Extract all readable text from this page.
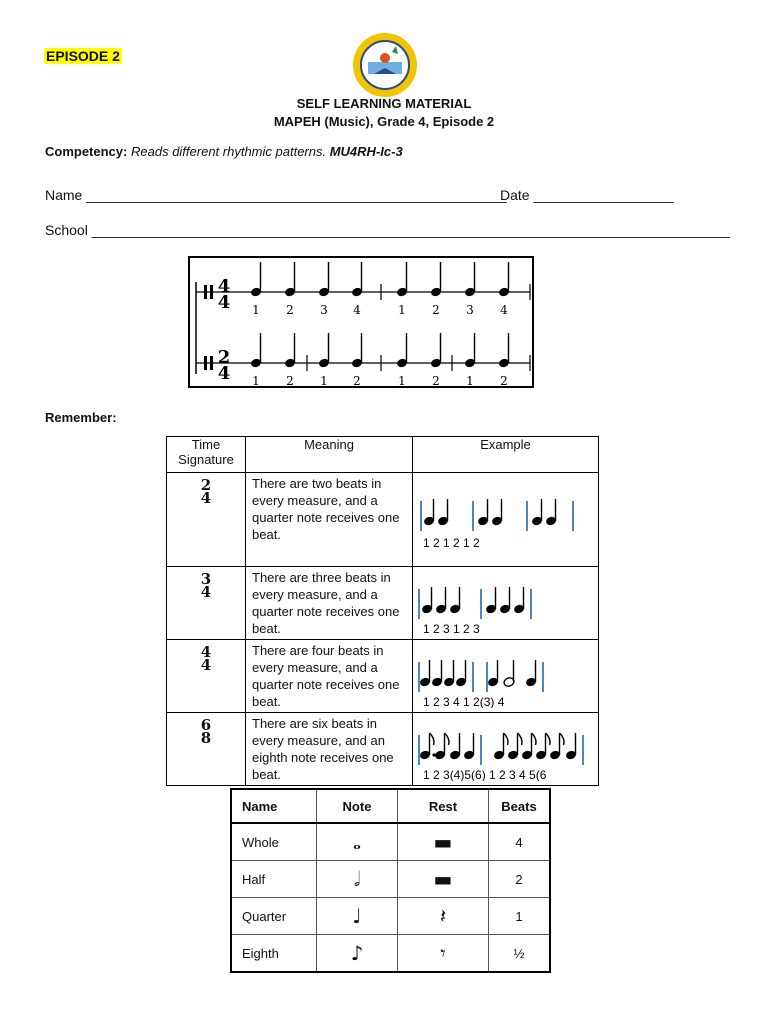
EPISODE 2
SELF LEARNING MATERIAL
MAPEH (Music), Grade 4, Episode 2
Competency: Reads different rhythmic patterns. MU4RH-Ic-3
Name ______________________________________________________
Date __________________
School __________________________________________________________________________________
4
4
2
4
1 2 3 4	1 2 3 4
1 2 1 2	1 2 1 2
Remember:
Time Signature	Meaning	Example

2
4	There are two beats in every measure, and a quarter note receives one beat.	1 2 1 2 1 2

3
4	There are three beats in every measure, and a quarter note receives one beat.	1 2 3 1 2 3

4
4	There are four beats in every measure, and a quarter note receives one beat.	1 2 3 4 1 2(3) 4

6
8	There are six beats in every measure, and an eighth note receives one beat.	1 2 3(4)5(6) 1 2 3 4 5(6
Name	Note	Rest	Beats
Whole	𝅝	▬	4
Half	𝅗𝅥	▬	2
Quarter	♩	𝄽	1
Eighth	♪	𝄾	½
